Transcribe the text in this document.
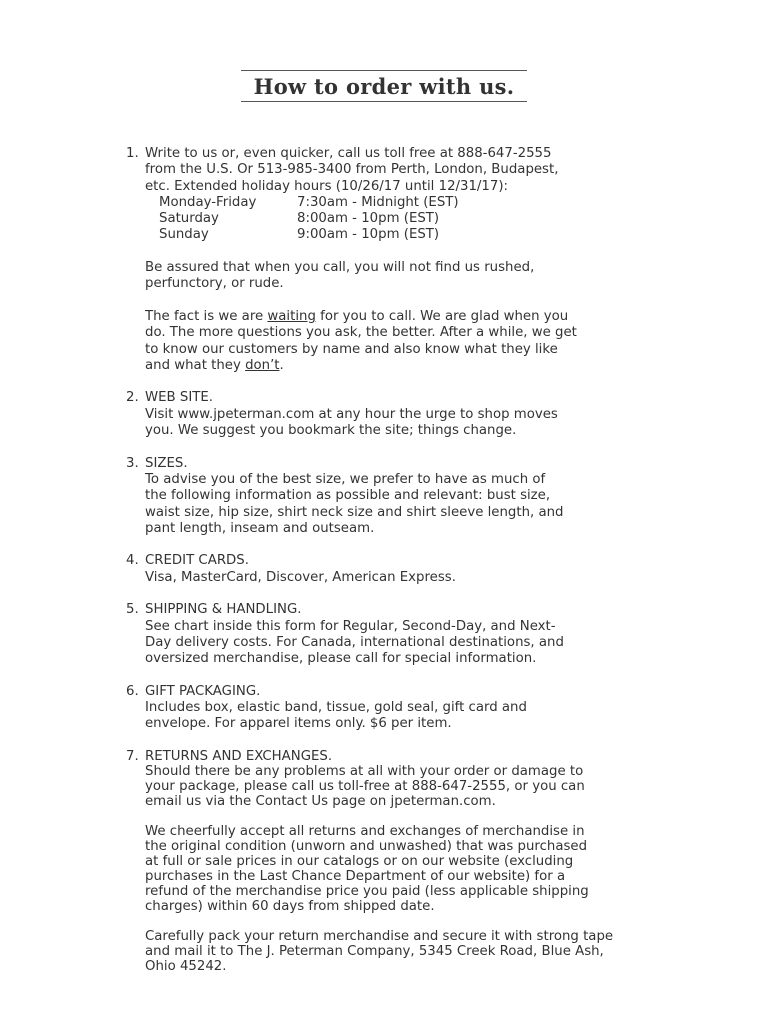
How to order with us.
1. Write to us or, even quicker, call us toll free at 888-647-2555
from the U.S. Or 513-985-3400 from Perth, London, Budapest,
etc. Extended holiday hours (10/26/17 until 12/31/17):
Monday-Friday	7:30am - Midnight (EST)
Saturday	8:00am - 10pm (EST)
Sunday	9:00am - 10pm (EST)
Be assured that when you call, you will not find us rushed,
perfunctory, or rude.
The fact is we are waiting for you to call. We are glad when you
do. The more questions you ask, the better. After a while, we get
to know our customers by name and also know what they like
and what they don’t.
2. WEB SITE.
Visit www.jpeterman.com at any hour the urge to shop moves
you. We suggest you bookmark the site; things change.
3. SIZES.
To advise you of the best size, we prefer to have as much of
the following information as possible and relevant: bust size,
waist size, hip size, shirt neck size and shirt sleeve length, and
pant length, inseam and outseam.
4. CREDIT CARDS.
Visa, MasterCard, Discover, American Express.
5. SHIPPING & HANDLING.
See chart inside this form for Regular, Second-Day, and Next-
Day delivery costs. For Canada, international destinations, and
oversized merchandise, please call for special information.
6. GIFT PACKAGING.
Includes box, elastic band, tissue, gold seal, gift card and
envelope. For apparel items only. $6 per item.
7. RETURNS AND EXCHANGES.
Should there be any problems at all with your order or damage to
your package, please call us toll-free at 888-647-2555, or you can
email us via the Contact Us page on jpeterman.com.
We cheerfully accept all returns and exchanges of merchandise in
the original condition (unworn and unwashed) that was purchased
at full or sale prices in our catalogs or on our website (excluding
purchases in the Last Chance Department of our website) for a
refund of the merchandise price you paid (less applicable shipping
charges) within 60 days from shipped date.
Carefully pack your return merchandise and secure it with strong tape
and mail it to The J. Peterman Company, 5345 Creek Road, Blue Ash,
Ohio 45242.
